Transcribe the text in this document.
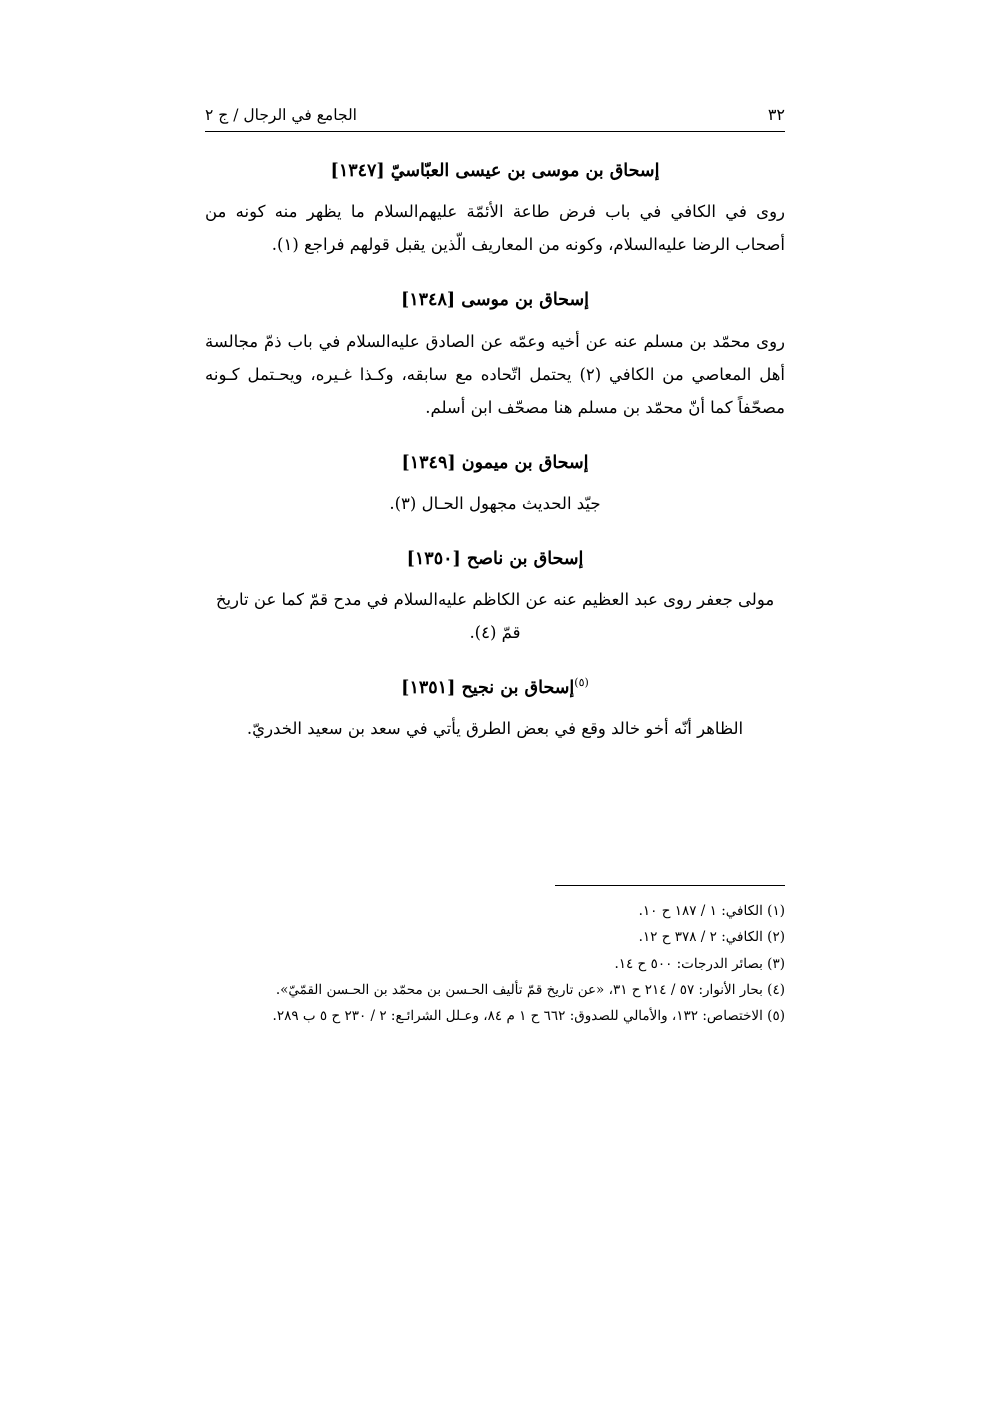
الجامع في الرجال / ج ٢	٣٢
إسحاق بن موسى بن عيسى العبّاسيّ [١٣٤٧]
روى في الكافي في باب فرض طاعة الأئمّة عليهم‌السلام ما يظهر منه كونه من أصحاب الرضا عليه‌السلام، وكونه من المعاريف الّذين يقبل قولهم فراجع (١).
إسحاق بن موسى [١٣٤٨]
روى محمّد بن مسلم عنه عن أخيه وعمّه عن الصادق عليه‌السلام في باب ذمّ مجالسة أهل المعاصي من الكافي (٢) يحتمل اتّحاده مع سابقه، وكـذا غـيره، ويحـتمل كـونه مصحّفاً كما أنّ محمّد بن مسلم هنا مصحّف ابن أسلم.
إسحاق بن ميمون [١٣٤٩]
جيّد الحديث مجهول الحـال (٣).
إسحاق بن ناصح [١٣٥٠]
مولى جعفر روى عبد العظيم عنه عن الكاظم عليه‌السلام في مدح قمّ كما عن تاريخ قمّ (٤).
$^{(٥)}$إسحاق بن نجيح [١٣٥١]
الظاهر أنّه أخو خالد وقع في بعض الطرق يأتي في سعد بن سعيد الخدريّ.
(١) الكافي: ١ / ١٨٧ ح ١٠.
(٢) الكافي: ٢ / ٣٧٨ ح ١٢.
(٣) بصائر الدرجات: ٥٠٠ ح ١٤.
(٤) بحار الأنوار: ٥٧ / ٢١٤ ح ٣١، «عن تاريخ قمّ تأليف الحـسن بن محمّد بن الحـسن القمّيّ».
(٥) الاختصاص: ١٣٢، والأمالي للصدوق: ٦٦٢ ح ١ م ٨٤، وعـلل الشرائـع: ٢ / ٢٣٠ ح ٥ ب ٢٨٩.
